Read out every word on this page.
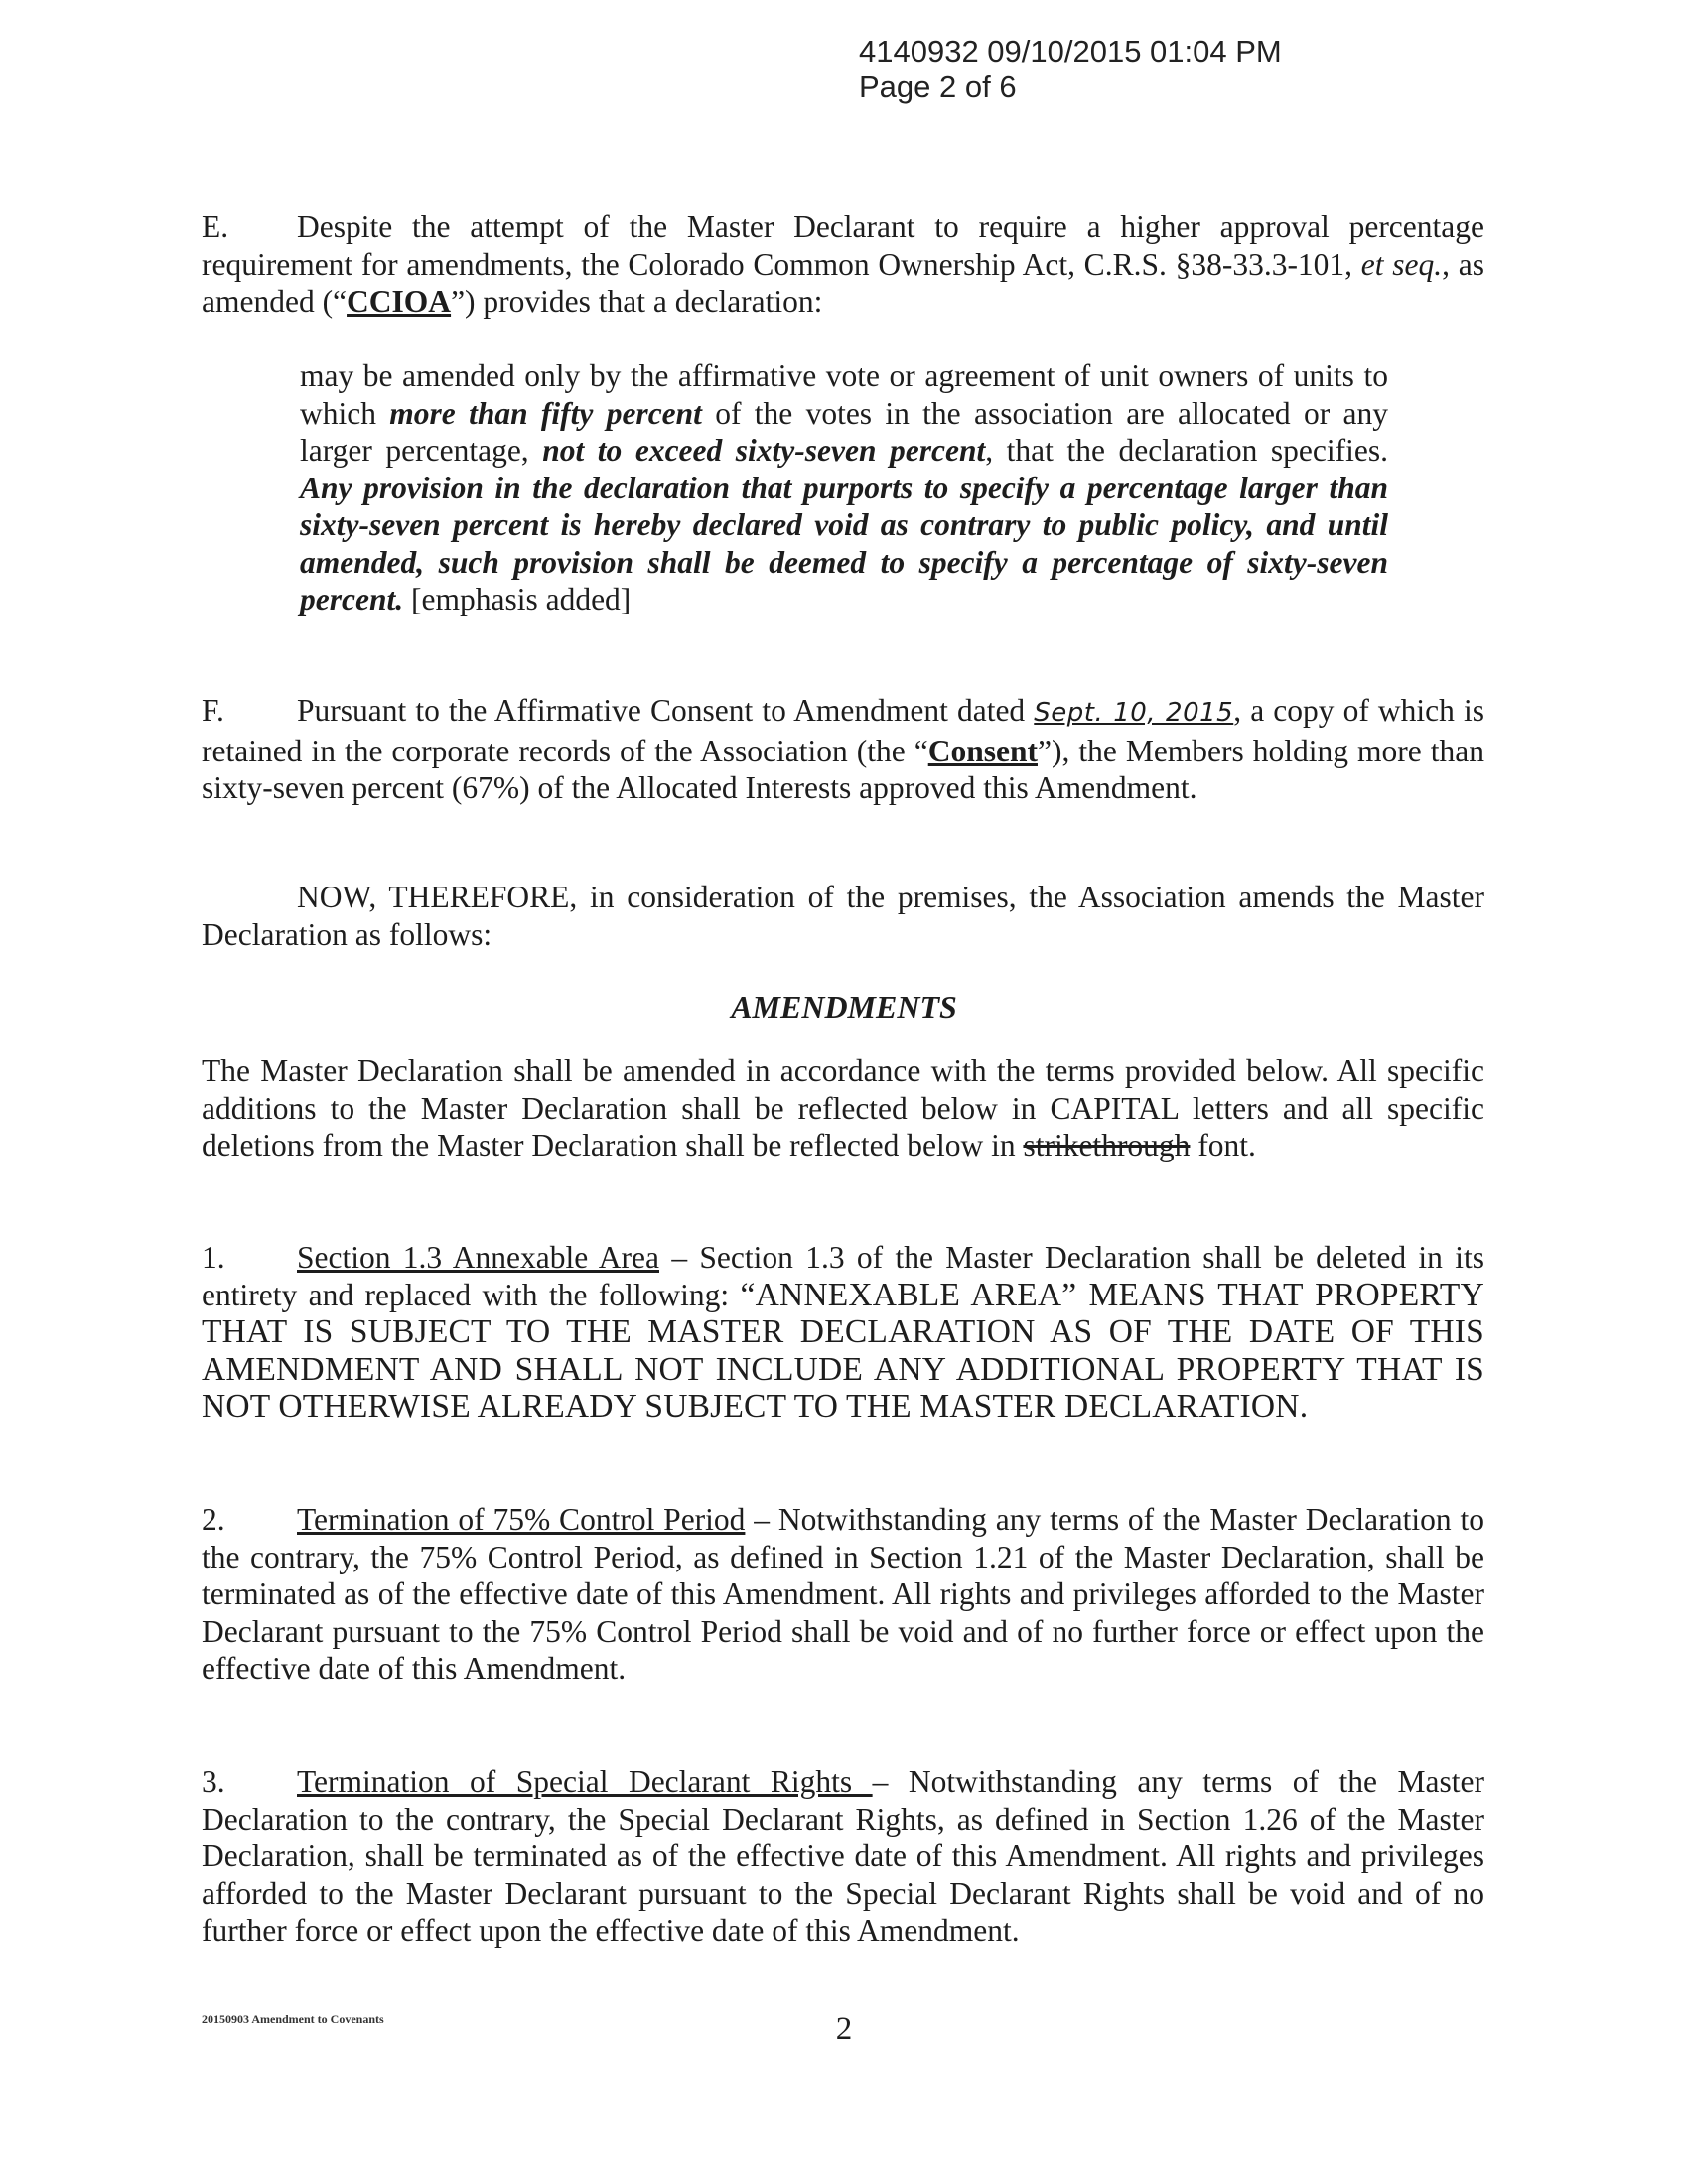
4140932 09/10/2015 01:04 PM
Page 2 of 6
E. Despite the attempt of the Master Declarant to require a higher approval percentage requirement for amendments, the Colorado Common Ownership Act, C.R.S. §38-33.3-101, et seq., as amended (“CCIOA”) provides that a declaration:
may be amended only by the affirmative vote or agreement of unit owners of units to which more than fifty percent of the votes in the association are allocated or any larger percentage, not to exceed sixty-seven percent, that the declaration specifies. Any provision in the declaration that purports to specify a percentage larger than sixty-seven percent is hereby declared void as contrary to public policy, and until amended, such provision shall be deemed to specify a percentage of sixty-seven percent. [emphasis added]
F. Pursuant to the Affirmative Consent to Amendment dated Sept. 10, 2015, a copy of which is retained in the corporate records of the Association (the “Consent”), the Members holding more than sixty-seven percent (67%) of the Allocated Interests approved this Amendment.
NOW, THEREFORE, in consideration of the premises, the Association amends the Master Declaration as follows:
AMENDMENTS
The Master Declaration shall be amended in accordance with the terms provided below. All specific additions to the Master Declaration shall be reflected below in CAPITAL letters and all specific deletions from the Master Declaration shall be reflected below in strikethrough font.
1. Section 1.3 Annexable Area – Section 1.3 of the Master Declaration shall be deleted in its entirety and replaced with the following: “ANNEXABLE AREA” MEANS THAT PROPERTY THAT IS SUBJECT TO THE MASTER DECLARATION AS OF THE DATE OF THIS AMENDMENT AND SHALL NOT INCLUDE ANY ADDITIONAL PROPERTY THAT IS NOT OTHERWISE ALREADY SUBJECT TO THE MASTER DECLARATION.
2. Termination of 75% Control Period – Notwithstanding any terms of the Master Declaration to the contrary, the 75% Control Period, as defined in Section 1.21 of the Master Declaration, shall be terminated as of the effective date of this Amendment. All rights and privileges afforded to the Master Declarant pursuant to the 75% Control Period shall be void and of no further force or effect upon the effective date of this Amendment.
3. Termination of Special Declarant Rights – Notwithstanding any terms of the Master Declaration to the contrary, the Special Declarant Rights, as defined in Section 1.26 of the Master Declaration, shall be terminated as of the effective date of this Amendment. All rights and privileges afforded to the Master Declarant pursuant to the Special Declarant Rights shall be void and of no further force or effect upon the effective date of this Amendment.
20150903 Amendment to Covenants	2
